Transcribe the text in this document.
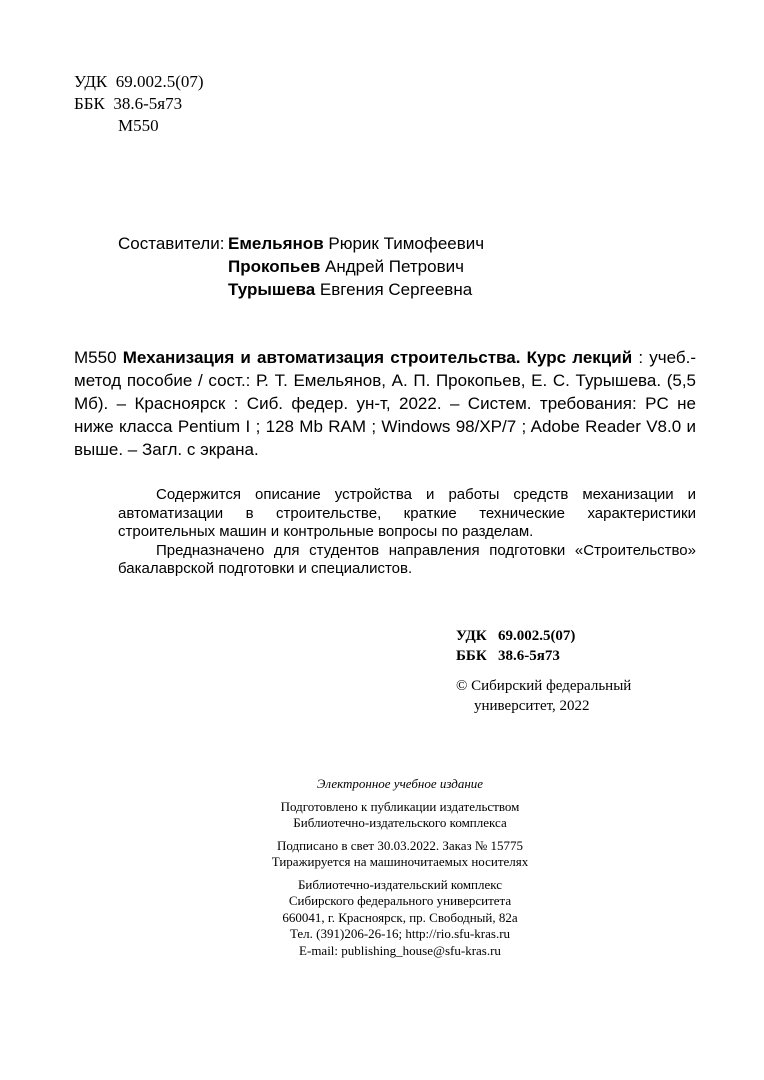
УДК 69.002.5(07)
ББК 38.6-5я73
М550
Составители: Емельянов Рюрик Тимофеевич
Прокопьев Андрей Петрович
Турышева Евгения Сергеевна
М550 Механизация и автоматизация строительства. Курс лекций : учеб.-метод пособие / сост.: Р. Т. Емельянов, А. П. Прокопьев, Е. С. Турышева. (5,5 Мб). – Красноярск : Сиб. федер. ун-т, 2022. – Систем. требования: PC не ниже класса Pentium I ; 128 Mb RAM ; Windows 98/XP/7 ; Adobe Reader V8.0 и выше. – Загл. с экрана.

Содержится описание устройства и работы средств механизации и автоматизации в строительстве, краткие технические характеристики строительных машин и контрольные вопросы по разделам.

Предназначено для студентов направления подготовки «Строительство» бакалаврской подготовки и специалистов.

УДК   69.002.5(07)
ББК   38.6-5я73
© Сибирский федеральный
университет, 2022
Электронное учебное издание
Подготовлено к публикации издательством
Библиотечно-издательского комплекса
Подписано в свет 30.03.2022. Заказ № 15775
Тиражируется на машиночитаемых носителях
Библиотечно-издательский комплекс
Сибирского федерального университета
660041, г. Красноярск, пр. Свободный, 82а
Тел. (391)206-26-16; http://rio.sfu-kras.ru
E-mail: publishing_house@sfu-kras.ru
